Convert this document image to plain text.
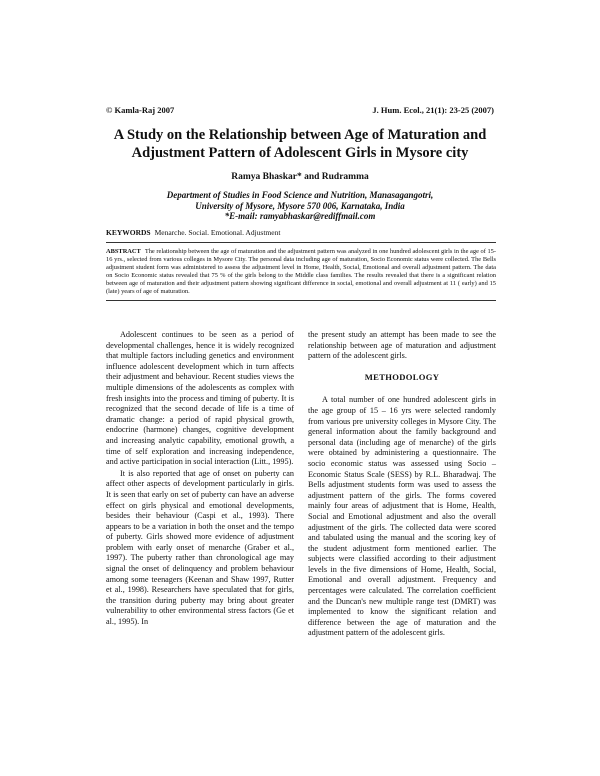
© Kamla-Raj 2007	J. Hum. Ecol., 21(1): 23-25 (2007)
A Study on the Relationship between Age of Maturation and Adjustment Pattern of Adolescent Girls in Mysore city
Ramya Bhaskar* and Rudramma
Department of Studies in Food Science and Nutrition, Manasagangotri,
University of Mysore, Mysore 570 006, Karnataka, India
*E-mail: ramyabhaskar@rediffmail.com
KEYWORDS Menarche. Social. Emotional. Adjustment

ABSTRACT The relationship between the age of maturation and the adjustment pattern was analyzed in one hundred adolescent girls in the age of 15-16 yrs., selected from various colleges in Mysore City. The personal data including age of maturation, Socio Economic status were collected. The Bells adjustment student form was administered to assess the adjustment level in Home, Health, Social, Emotional and overall adjustment pattern. The data on Socio Economic status revealed that 75 % of the girls belong to the Middle class families. The results revealed that there is a significant relation between age of maturation and their adjustment pattern showing significant difference in social, emotional and overall adjustment at 11 ( early) and 15 (late) years of age of maturation.

Adolescent continues to be seen as a period of developmental challenges, hence it is widely recognized that multiple factors including genetics and environment influence adolescent development which in turn affects their adjustment and behaviour. Recent studies views the multiple dimensions of the adolescents as complex with fresh insights into the process and timing of puberty. It is recognized that the second decade of life is a time of dramatic change: a period of rapid physical growth, endocrine (harmone) changes, cognitive development and increasing analytic capability, emotional growth, a time of self exploration and increasing independence, and active participation in social interaction (Litt., 1995).

It is also reported that age of onset on puberty can affect other aspects of development particularly in girls. It is seen that early on set of puberty can have an adverse effect on girls physical and emotional developments, besides their behaviour (Caspi et al., 1993). There appears to be a variation in both the onset and the tempo of puberty. Girls showed more evidence of adjustment problem with early onset of menarche (Graber et al., 1997). The puberty rather than chronological age may signal the onset of delinquency and problem behaviour among some teenagers (Keenan and Shaw 1997, Rutter et al., 1998). Researchers have speculated that for girls, the transition during puberty may bring about greater vulnerability to other environmental stress factors (Ge et al., 1995). In

the present study an attempt has been made to see the relationship between age of maturation and adjustment pattern of the adolescent girls.

METHODOLOGY

A total number of one hundred adolescent girls in the age group of 15 – 16 yrs were selected randomly from various pre university colleges in Mysore City. The general information about the family background and personal data (including age of menarche) of the girls were obtained by administering a questionnaire. The socio economic status was assessed using Socio – Economic Status Scale (SESS) by R.L. Bharadwaj. The Bells adjustment students form was used to assess the adjustment pattern of the girls. The forms covered mainly four areas of adjustment that is Home, Health, Social and Emotional adjustment and also the overall adjustment of the girls. The collected data were scored and tabulated using the manual and the scoring key of the student adjustment form mentioned earlier. The subjects were classified according to their adjustment levels in the five dimensions of Home, Health, Social, Emotional and overall adjustment. Frequency and percentages were calculated. The correlation coefficient and the Duncan's new multiple range test (DMRT) was implemented to know the significant relation and difference between the age of maturation and the adjustment pattern of the adolescent girls.
